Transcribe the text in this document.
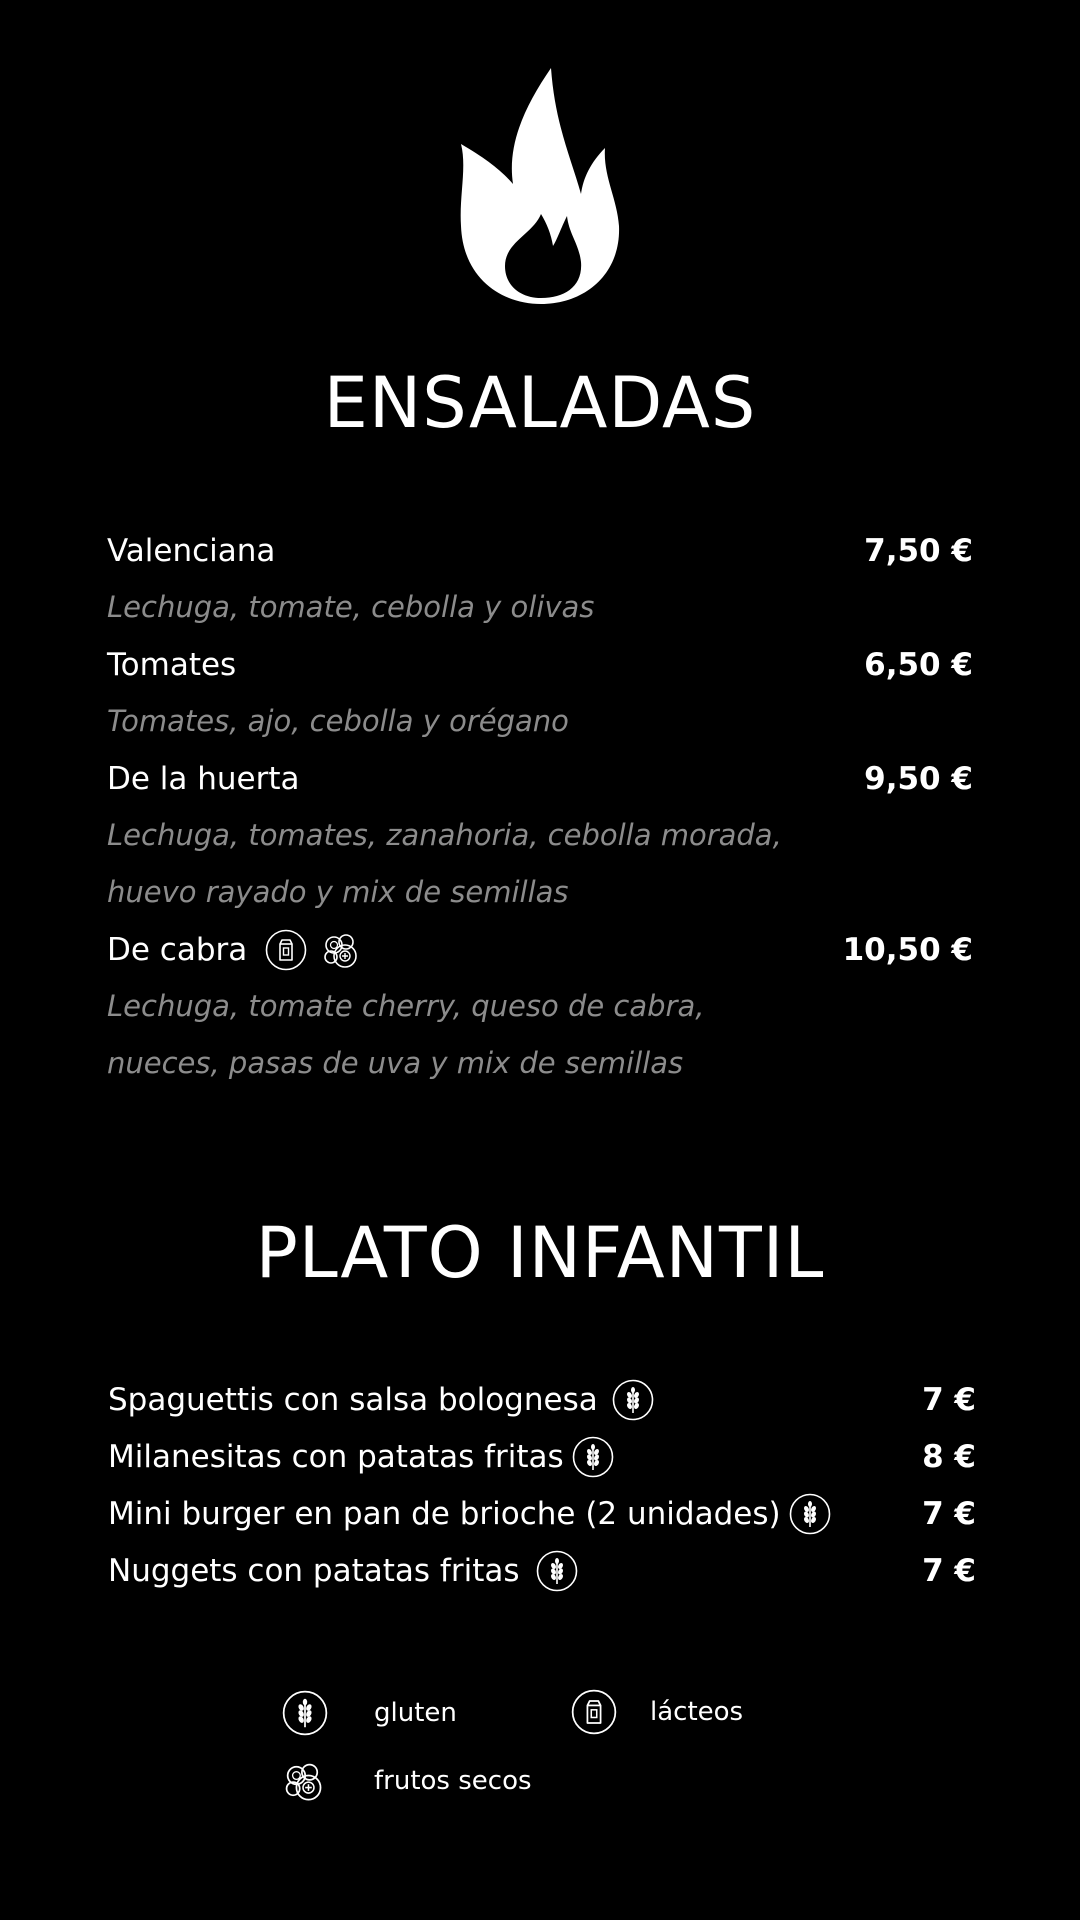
ENSALADAS
Valenciana	7,50 €

Lechuga, tomate, cebolla y olivas

Tomates	6,50 €

Tomates, ajo, cebolla y orégano

De la huerta	9,50 €

Lechuga, tomates, zanahoria, cebolla morada,

huevo rayado y mix de semillas

De cabra	10,50 €

Lechuga, tomate cherry, queso de cabra,

nueces, pasas de uva y mix de semillas

PLATO INFANTIL
Spaguettis con salsa bolognesa	7 €
Milanesitas con patatas fritas	8 €
Mini burger en pan de brioche (2 unidades)	7 €
Nuggets con patatas fritas	7 €
gluten	lácteos
frutos secos
